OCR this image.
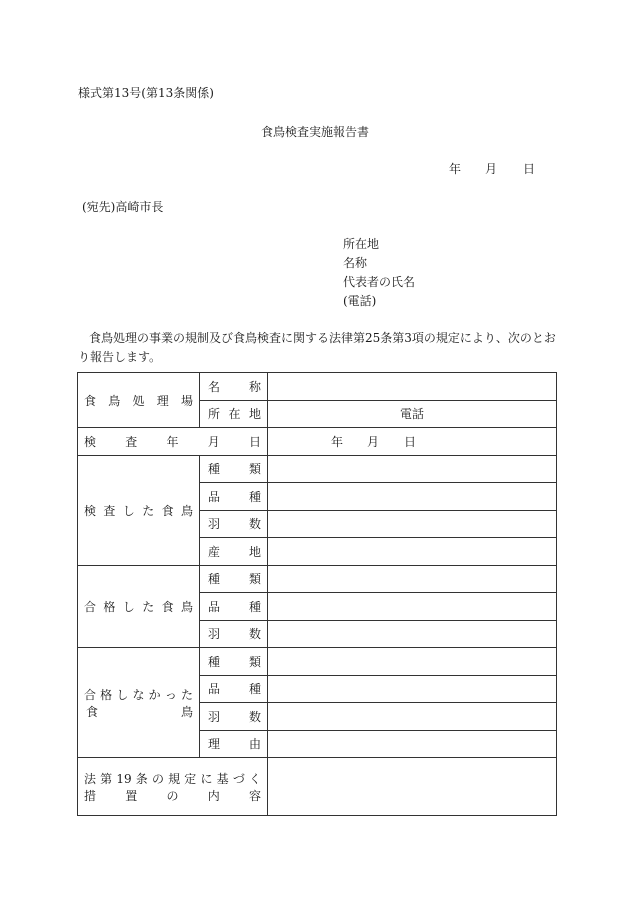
様式第13号(第13条関係)
食鳥検査実施報告書
年 月 日
(宛先)高崎市長
所在地
名称
代表者の氏名
(電話)
食鳥処理の事業の規制及び食鳥検査に関する法律第25条第3項の規定により、次のとおり報告します。
食鳥処理場	名称	
	所在地	電話
検査年月日		年 月 日
検査した食鳥	種類	
	品種	
	羽数	
	産地	
合格した食鳥	種類	
	品種	
	羽数	

合格しなかった
食鳥	種類	
	品種	
	羽数	
	理由	

法第19条の規定に基づく
措置の内容		
